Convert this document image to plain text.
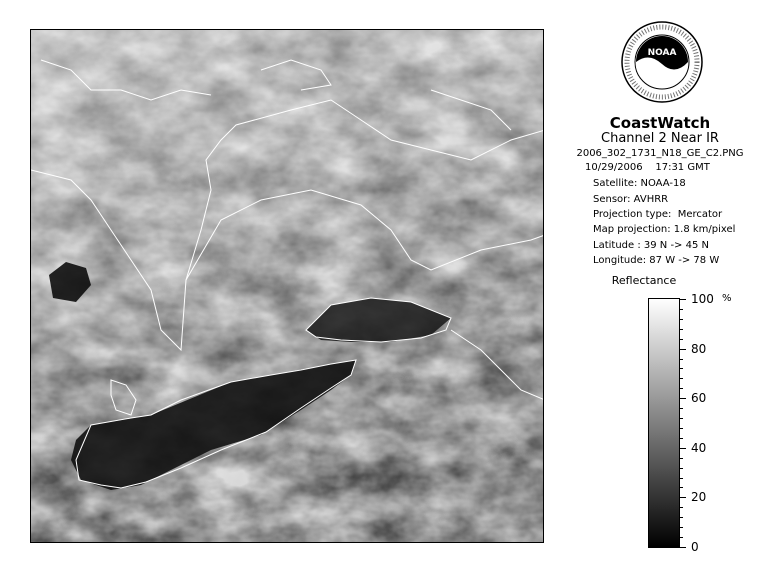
NOAA
CoastWatch
Channel 2 Near IR
2006_302_1731_N18_GE_C2.PNG
10/29/2006    17:31 GMT
Satellite: NOAA-18
Sensor: AVHRR
Projection type:  Mercator
Map projection: 1.8 km/pixel
Latitude : 39 N -> 45 N
Longitude: 87 W -> 78 W
Reflectance
%
100
80
60
40
20
0
